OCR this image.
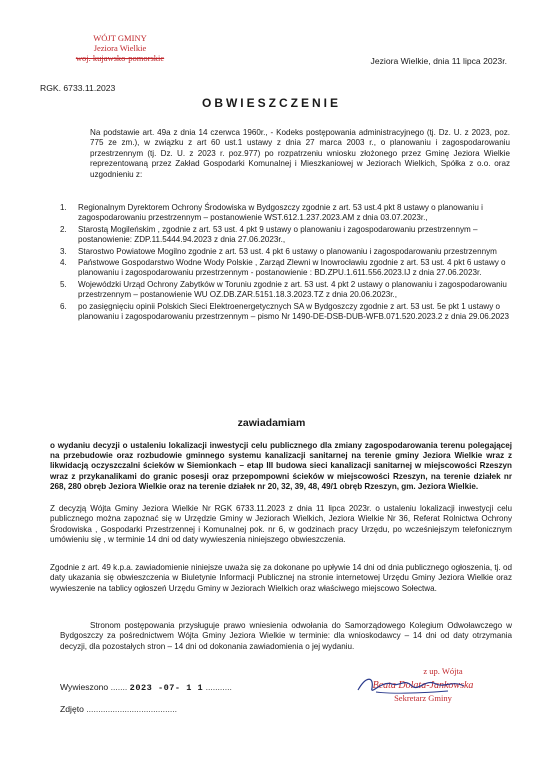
WÓJT GMINY
Jeziora Wielkie
woj. kujawsko-pomorskie	Jeziora Wielkie, dnia 11 lipca 2023r.
RGK. 6733.11.2023
OBWIESZCZENIE
Na podstawie art. 49a z dnia 14 czerwca 1960r., - Kodeks postępowania administracyjnego (tj. Dz. U. z 2023, poz. 775 ze zm.), w związku z art 60 ust.1 ustawy z dnia 27 marca 2003 r., o planowaniu i zagospodarowaniu przestrzennym (tj. Dz. U. z 2023 r. poz.977) po rozpatrzeniu wniosku złożonego przez Gminę Jeziora Wielkie reprezentowaną przez Zakład Gospodarki Komunalnej i Mieszkaniowej w Jeziorach Wielkich, Spółka z o.o. oraz uzgodnieniu z:
1. Regionalnym Dyrektorem Ochrony Środowiska w Bydgoszczy zgodnie z art. 53 ust.4 pkt 8 ustawy o planowaniu i zagospodarowaniu przestrzennym – postanowienie WST.612.1.237.2023.AM z dnia 03.07.2023r.,
2. Starostą Mogileńskim , zgodnie z art. 53 ust. 4 pkt 9 ustawy o planowaniu i zagospodarowaniu przestrzennym – postanowienie: ZDP.11.5444.94.2023 z dnia 27.06.2023r.,
3. Starostwo Powiatowe Mogilno zgodnie z art. 53 ust. 4 pkt 6 ustawy o planowaniu i zagospodarowaniu przestrzennym
4. Państwowe Gospodarstwo Wodne Wody Polskie , Zarząd Zlewni w Inowrocławiu zgodnie z art. 53 ust. 4 pkt 6 ustawy o planowaniu i zagospodarowaniu przestrzennym - postanowienie : BD.ZPU.1.611.556.2023.IJ z dnia 27.06.2023r.
5. Wojewódzki Urząd Ochrony Zabytków w Toruniu zgodnie z art. 53 ust. 4 pkt 2 ustawy o planowaniu i zagospodarowaniu przestrzennym – postanowienie WU OZ.DB.ZAR.5151.18.3.2023.TZ z dnia 20.06.2023r.,
6. po zasięgnięciu opinii Polskich Sieci Elektroenergetycznych SA w Bydgoszczy zgodnie z art. 53 ust. 5e pkt 1 ustawy o planowaniu i zagospodarowaniu przestrzennym – pismo Nr 1490-DE-DSB-DUB-WFB.071.520.2023.2 z dnia 29.06.2023
zawiadamiam
o wydaniu decyzji o ustaleniu lokalizacji inwestycji celu publicznego dla zmiany zagospodarowania terenu polegającej na przebudowie oraz rozbudowie gminnego systemu kanalizacji sanitarnej na terenie gminy Jeziora Wielkie wraz z likwidacją oczyszczalni ścieków w Siemionkach – etap III budowa sieci kanalizacji sanitarnej w miejscowości Rzeszyn wraz z przykanalikami do granic posesji oraz przepompowni ścieków w miejscowości Rzeszyn, na terenie działek nr 268, 280 obręb Jeziora Wielkie oraz na terenie działek nr 20, 32, 39, 48, 49/1 obręb Rzeszyn, gm. Jeziora Wielkie.
Z decyzją Wójta Gminy Jeziora Wielkie Nr RGK 6733.11.2023 z dnia 11 lipca 2023r. o ustaleniu lokalizacji inwestycji celu publicznego można zapoznać się w Urzędzie Gminy w Jeziorach Wielkich, Jeziora Wielkie Nr 36, Referat Rolnictwa Ochrony Środowiska , Gospodarki Przestrzennej i Komunalnej pok. nr 6, w godzinach pracy Urzędu, po wcześniejszym telefonicznym umówieniu się , w terminie 14 dni od daty wywieszenia niniejszego obwieszczenia.
Zgodnie z art. 49 k.p.a. zawiadomienie niniejsze uważa się za dokonane po upływie 14 dni od dnia publicznego ogłoszenia, tj. od daty ukazania się obwieszczenia w Biuletynie Informacji Publicznej na stronie internetowej Urzędu Gminy Jeziora Wielkie oraz wywieszenie na tablicy ogłoszeń Urzędu Gminy w Jeziorach Wielkich oraz właściwego miejscowo Sołectwa.
Stronom postępowania przysługuje prawo wniesienia odwołania do Samorządowego Kolegium Odwoławczego w Bydgoszczy za pośrednictwem Wójta Gminy Jeziora Wielkie w terminie: dla wnioskodawcy – 14 dni od daty otrzymania decyzji, dla pozostałych stron – 14 dni od dokonania zawiadomienia o jej wydaniu.
Wywieszono ....... 2023 -07- 1 1 ...........
Zdjęto ......................................
z up. Wójta
Beata Dolata-Jankowska
Sekretarz Gminy
